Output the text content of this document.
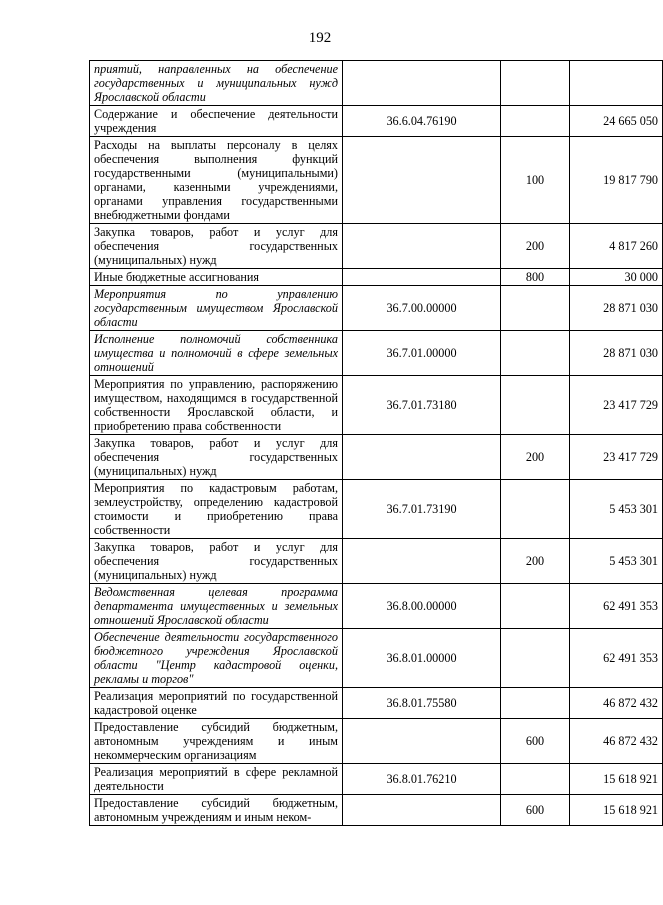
192
приятий, направленных на обеспечение государственных и муниципальных нужд Ярославской области			
Содержание и обеспечение деятельности учреждения	36.6.04.76190		24 665 050
Расходы на выплаты персоналу в целях обеспечения выполнения функций государственными (муниципальными) органами, казенными учреждениями, органами управления государственными внебюджетными фондами		100	19 817 790
Закупка товаров, работ и услуг для обеспечения государственных (муниципальных) нужд		200	4 817 260
Иные бюджетные ассигнования		800	30 000
Мероприятия по управлению государственным имуществом Ярославской области	36.7.00.00000		28 871 030
Исполнение полномочий собственника имущества и полномочий в сфере земельных отношений	36.7.01.00000		28 871 030
Мероприятия по управлению, распоряжению имуществом, находящимся в государственной собственности Ярославской области, и приобретению права собственности	36.7.01.73180		23 417 729
Закупка товаров, работ и услуг для обеспечения государственных (муниципальных) нужд		200	23 417 729
Мероприятия по кадастровым работам, землеустройству, определению кадастровой стоимости и приобретению права собственности	36.7.01.73190		5 453 301
Закупка товаров, работ и услуг для обеспечения государственных (муниципальных) нужд		200	5 453 301
Ведомственная целевая программа департамента имущественных и земельных отношений Ярославской области	36.8.00.00000		62 491 353
Обеспечение деятельности государственного бюджетного учреждения Ярославской области "Центр кадастровой оценки, рекламы и торгов"	36.8.01.00000		62 491 353
Реализация мероприятий по государственной кадастровой оценке	36.8.01.75580		46 872 432
Предоставление субсидий бюджетным, автономным учреждениям и иным некоммерческим организациям		600	46 872 432
Реализация мероприятий в сфере рекламной деятельности	36.8.01.76210		15 618 921
Предоставление субсидий бюджетным, автономным учреждениям и иным неком-		600	15 618 921
